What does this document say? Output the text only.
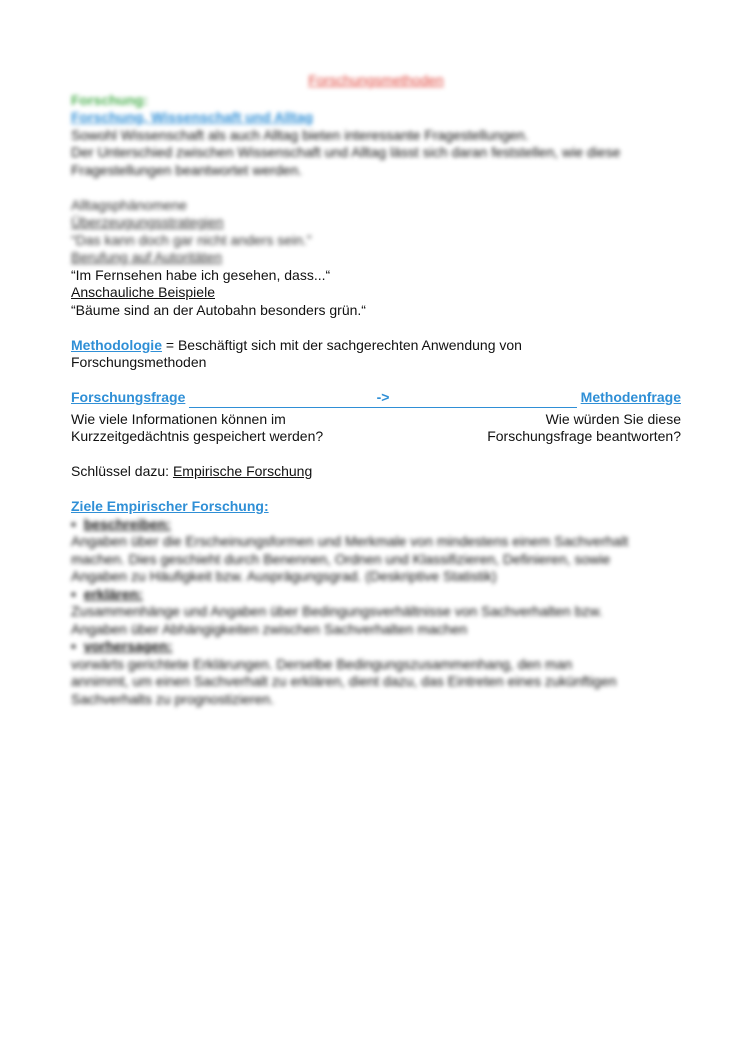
Forschungsmethoden
Forschung:
Forschung, Wissenschaft und Alltag

Sowohl Wissenschaft als auch Alltag bieten interessante Fragestellungen.

Der Unterschied zwischen Wissenschaft und Alltag lässt sich daran feststellen, wie diese

Fragestellungen beantwortet werden.

Alltagsphänomene
Überzeugungsstrategien
“Das kann doch gar nicht anders sein.”
Berufung auf Autoritäten
“Im Fernsehen habe ich gesehen, dass...“
Anschauliche Beispiele
“Bäume sind an der Autobahn besonders grün.“
Methodologie = Beschäftigt sich mit der sachgerechten Anwendung von
Forschungsmethoden
Forschungsfrage	->	Methodenfrage
Wie viele Informationen können im	Wie würden Sie diese
Kurzzeitgedächtnis gespeichert werden?	Forschungsfrage beantworten?
Schlüssel dazu: Empirische Forschung
Ziele Empirischer Forschung:
•  beschreiben:

Angaben über die Erscheinungsformen und Merkmale von mindestens einem Sachverhalt

machen. Dies geschieht durch Benennen, Ordnen und Klassifizieren, Definieren, sowie

Angaben zu Häufigkeit bzw. Ausprägungsgrad. (Deskriptive Statistik)

•  erklären:

Zusammenhänge und Angaben über Bedingungsverhältnisse von Sachverhalten bzw.

Angaben über Abhängigkeiten zwischen Sachverhalten machen

•  vorhersagen:

vorwärts gerichtete Erklärungen. Derselbe Bedingungszusammenhang, den man

annimmt, um einen Sachverhalt zu erklären, dient dazu, das Eintreten eines zukünftigen

Sachverhalts zu prognostizieren.
